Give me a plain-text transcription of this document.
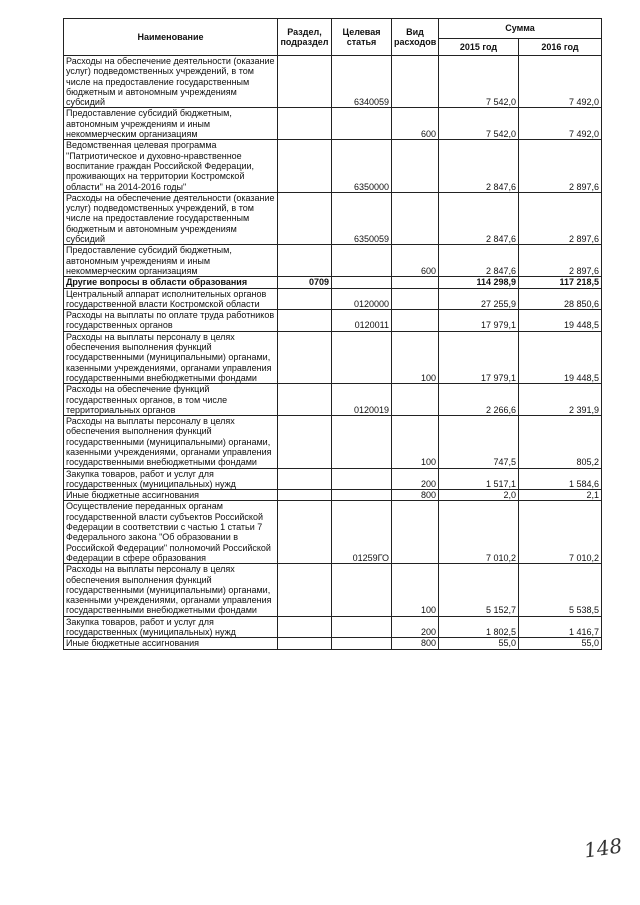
Наименование	Раздел, подраздел	Целевая статья	Вид расходов	Сумма	
				2015 год	2016 год
Расходы на обеспечение деятельности (оказание услуг) подведомственных учреждений, в том числе на предоставление государственным бюджетным и автономным учреждениям субсидий		6340059		7 542,0	7 492,0
Предоставление субсидий бюджетным, автономным учреждениям и иным некоммерческим организациям			600	7 542,0	7 492,0
Ведомственная целевая программа "Патриотическое и духовно-нравственное воспитание граждан Российской Федерации, проживающих на территории Костромской области" на 2014-2016 годы"		6350000		2 847,6	2 897,6
Расходы на обеспечение деятельности (оказание услуг) подведомственных учреждений, в том числе на предоставление государственным бюджетным и автономным учреждениям субсидий		6350059		2 847,6	2 897,6
Предоставление субсидий бюджетным, автономным учреждениям и иным некоммерческим организациям			600	2 847,6	2 897,6
Другие вопросы в области образования	0709			114 298,9	117 218,5
Центральный аппарат исполнительных органов государственной власти Костромской области		0120000		27 255,9	28 850,6
Расходы на выплаты по оплате труда работников государственных органов		0120011		17 979,1	19 448,5
Расходы на выплаты персоналу в целях обеспечения выполнения функций государственными (муниципальными) органами, казенными учреждениями, органами управления государственными внебюджетными фондами			100	17 979,1	19 448,5
Расходы на обеспечение функций государственных органов, в том числе территориальных органов		0120019		2 266,6	2 391,9
Расходы на выплаты персоналу в целях обеспечения выполнения функций государственными (муниципальными) органами, казенными учреждениями, органами управления государственными внебюджетными фондами			100	747,5	805,2
Закупка товаров, работ и услуг для государственных (муниципальных) нужд			200	1 517,1	1 584,6
Иные бюджетные ассигнования			800	2,0	2,1
Осуществление переданных органам государственной власти субъектов Российской Федерации в соответствии с частью 1 статьи 7 Федерального закона "Об образовании в Российской Федерации" полномочий Российской Федерации в сфере образования		01259ГО		7 010,2	7 010,2
Расходы на выплаты персоналу в целях обеспечения выполнения функций государственными (муниципальными) органами, казенными учреждениями, органами управления государственными внебюджетными фондами			100	5 152,7	5 538,5
Закупка товаров, работ и услуг для государственных (муниципальных) нужд			200	1 802,5	1 416,7
Иные бюджетные ассигнования			800	55,0	55,0
148
